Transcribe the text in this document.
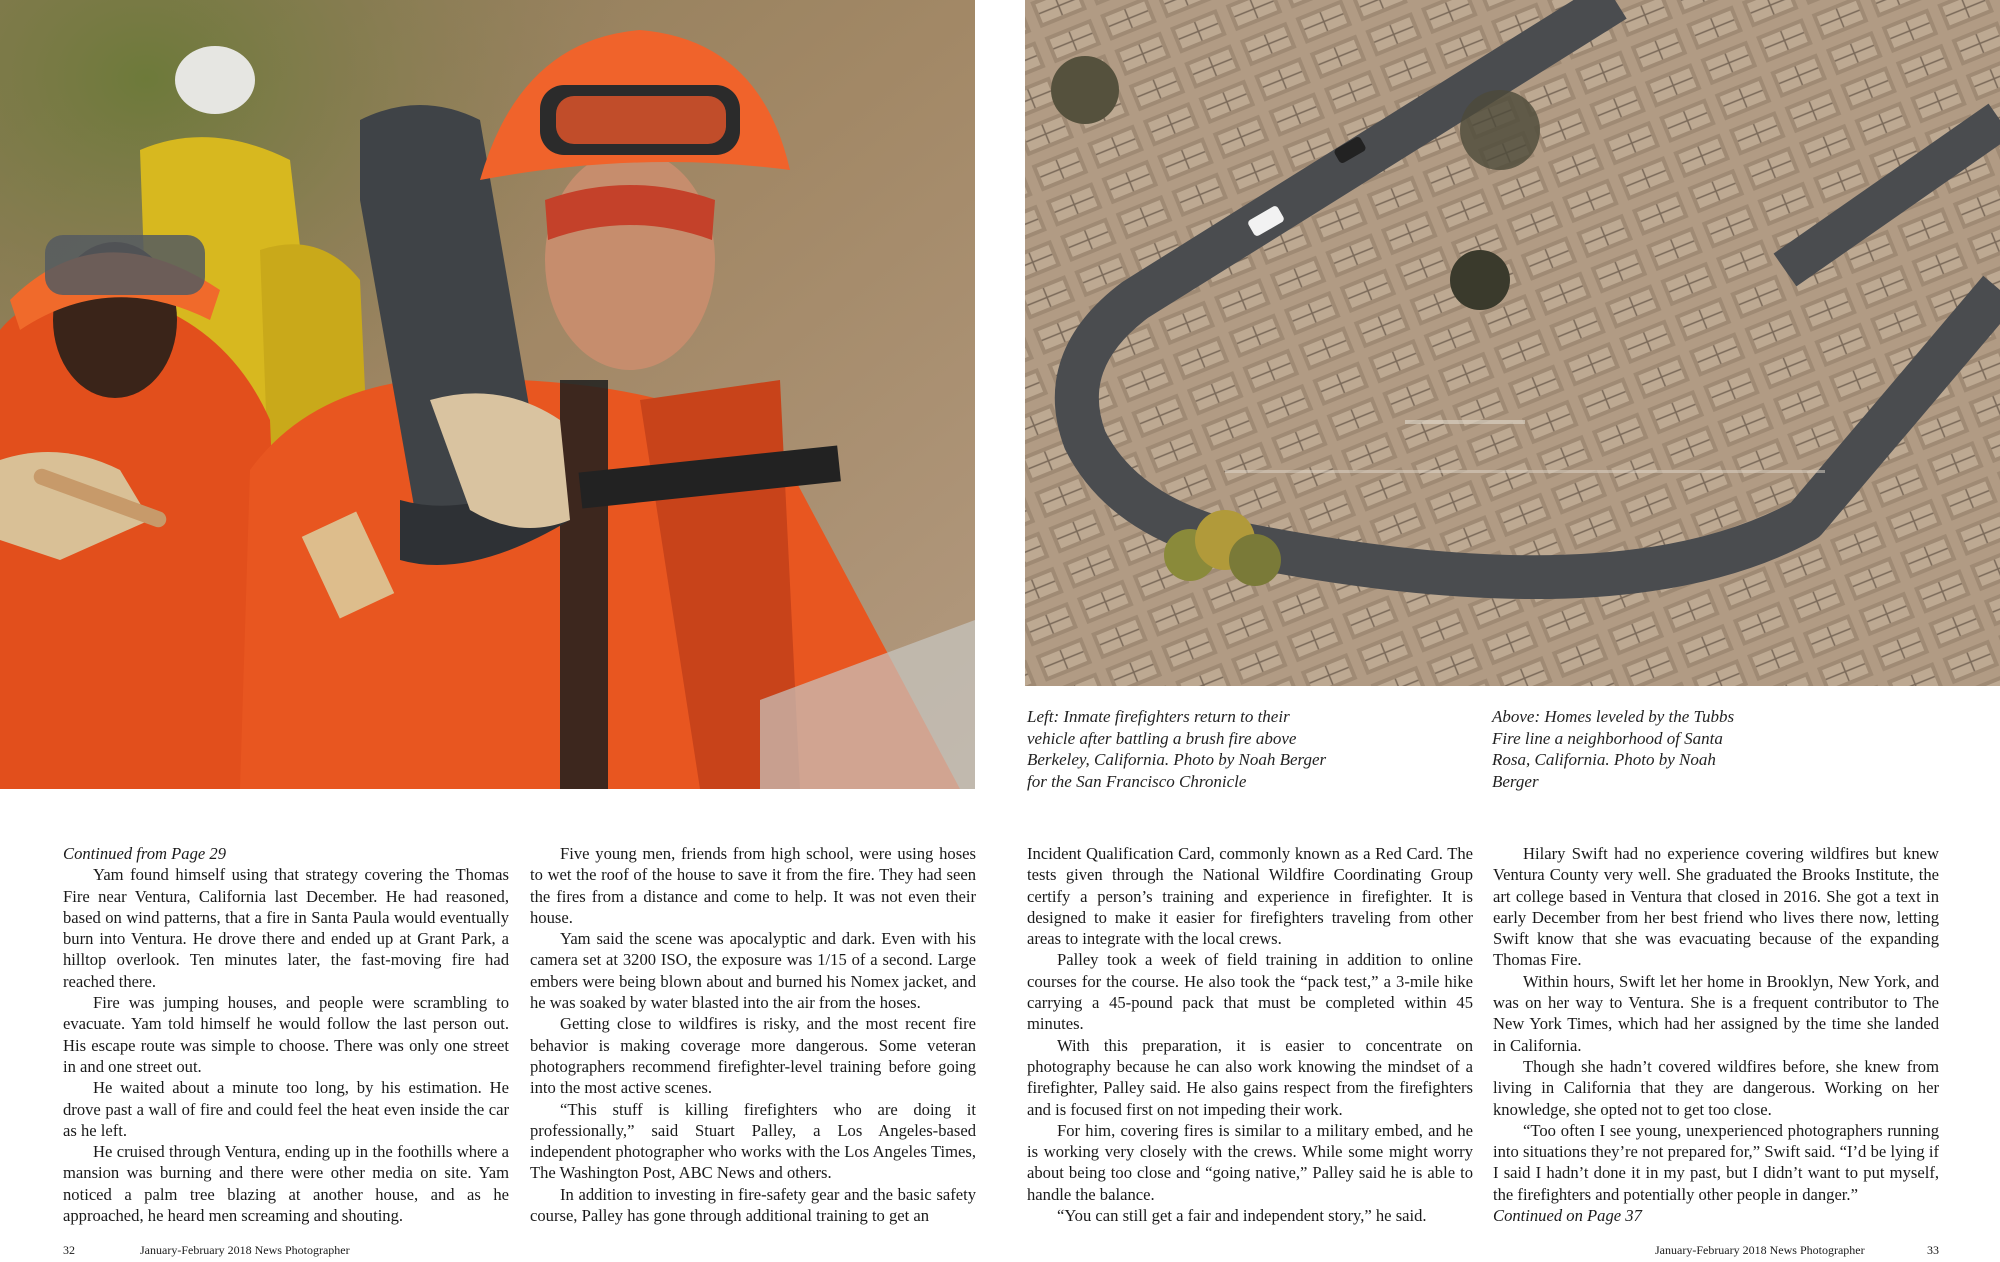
Left: Inmate firefighters return to their
vehicle after battling a brush fire above
Berkeley, California. Photo by Noah Berger
for the San Francisco Chronicle
Above: Homes leveled by the Tubbs
Fire line a neighborhood of Santa
Rosa, California. Photo by Noah
Berger
Continued from Page 29

Yam found himself using that strategy covering the Thomas Fire near Ventura, California last December. He had reasoned, based on wind patterns, that a fire in Santa Paula would eventually burn into Ventura. He drove there and ended up at Grant Park, a hilltop overlook. Ten minutes later, the fast-moving fire had reached there.

Fire was jumping houses, and people were scrambling to evacuate. Yam told himself he would follow the last person out. His escape route was simple to choose. There was only one street in and one street out.

He waited about a minute too long, by his estimation. He drove past a wall of fire and could feel the heat even inside the car as he left.

He cruised through Ventura, ending up in the foothills where a mansion was burning and there were other media on site. Yam noticed a palm tree blazing at another house, and as he approached, he heard men screaming and shouting.

Five young men, friends from high school, were using hoses to wet the roof of the house to save it from the fire. They had seen the fires from a distance and come to help. It was not even their house.

Yam said the scene was apocalyptic and dark. Even with his camera set at 3200 ISO, the exposure was 1/15 of a second. Large embers were being blown about and burned his Nomex jacket, and he was soaked by water blasted into the air from the hoses.

Getting close to wildfires is risky, and the most recent fire behavior is making coverage more dangerous. Some veteran photographers recommend firefighter-level training before going into the most active scenes.

“This stuff is killing firefighters who are doing it professionally,” said Stuart Palley, a Los Angeles-based independent photographer who works with the Los Angeles Times, The Washington Post, ABC News and others.

In addition to investing in fire-safety gear and the basic safety course, Palley has gone through additional training to get an

Incident Qualification Card, commonly known as a Red Card. The tests given through the National Wildfire Coordinating Group certify a person’s training and experience in firefighter. It is designed to make it easier for firefighters traveling from other areas to integrate with the local crews.

Palley took a week of field training in addition to online courses for the course. He also took the “pack test,” a 3-mile hike carrying a 45-pound pack that must be completed within 45 minutes.

With this preparation, it is easier to concentrate on photography because he can also work knowing the mindset of a firefighter, Palley said. He also gains respect from the firefighters and is focused first on not impeding their work.

For him, covering fires is similar to a military embed, and he is working very closely with the crews. While some might worry about being too close and “going native,” Palley said he is able to handle the balance.

“You can still get a fair and independent story,” he said.

Hilary Swift had no experience covering wildfires but knew Ventura County very well. She graduated the Brooks Institute, the art college based in Ventura that closed in 2016. She got a text in early December from her best friend who lives there now, letting Swift know that she was evacuating because of the expanding Thomas Fire.

Within hours, Swift let her home in Brooklyn, New York, and was on her way to Ventura. She is a frequent contributor to The New York Times, which had her assigned by the time she landed in California.

Though she hadn’t covered wildfires before, she knew from living in California that they are dangerous. Working on her knowledge, she opted not to get too close.

“Too often I see young, unexperienced photographers running into situations they’re not prepared for,” Swift said. “I’d be lying if I said I hadn’t done it in my past, but I didn’t want to put myself, the firefighters and potentially other people in danger.”

Continued on Page 37
32	January-February 2018 News Photographer	January-February 2018 News Photographer	33
